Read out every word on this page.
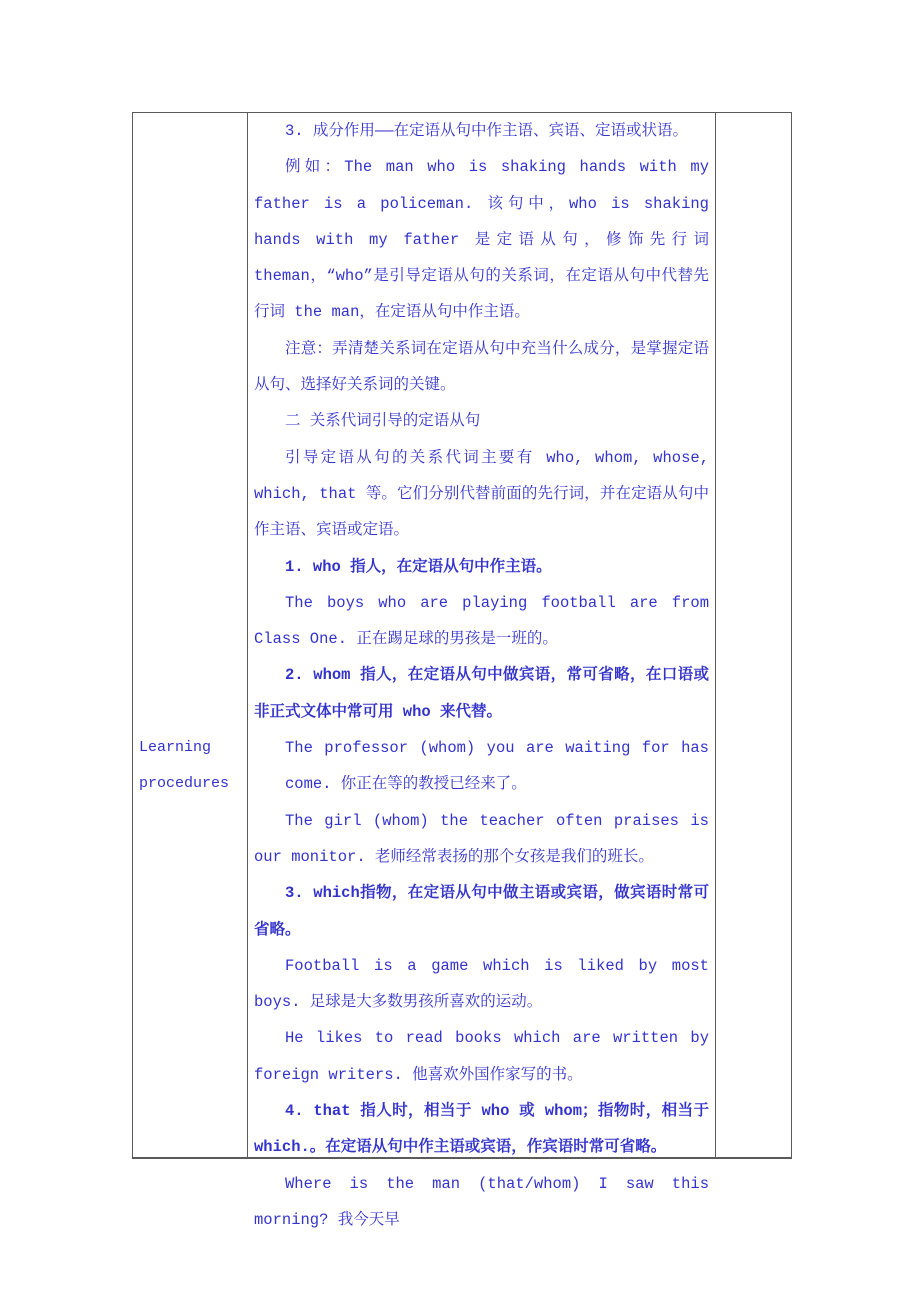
Learning procedures

3. 成分作用——在定语从句中作主语、宾语、定语或状语。

例如：The man who is shaking hands with my father is a policeman. 该句中，who is shaking hands with my father 是定语从句，修饰先行词 theman，“who”是引导定语从句的关系词，在定语从句中代替先行词 the man，在定语从句中作主语。

注意：弄清楚关系词在定语从句中充当什么成分，是掌握定语从句、选择好关系词的关键。

二 关系代词引导的定语从句

引导定语从句的关系代词主要有 who, whom, whose, which, that 等。它们分别代替前面的先行词，并在定语从句中作主语、宾语或定语。

1. who 指人，在定语从句中作主语。

The boys who are playing football are from Class One. 正在踢足球的男孩是一班的。

2. whom 指人，在定语从句中做宾语，常可省略，在口语或非正式文体中常可用 who 来代替。

The professor (whom) you are waiting for has come. 你正在等的教授已经来了。

The girl (whom) the teacher often praises is our monitor. 老师经常表扬的那个女孩是我们的班长。

3. which指物，在定语从句中做主语或宾语，做宾语时常可省略。

Football is a game which is liked by most boys. 足球是大多数男孩所喜欢的运动。

He likes to read books which are written by foreign writers. 他喜欢外国作家写的书。

4. that 指人时，相当于 who 或 whom；指物时，相当于 which.。在定语从句中作主语或宾语，作宾语时常可省略。

Where is the man (that/whom) I saw this morning? 我今天早
